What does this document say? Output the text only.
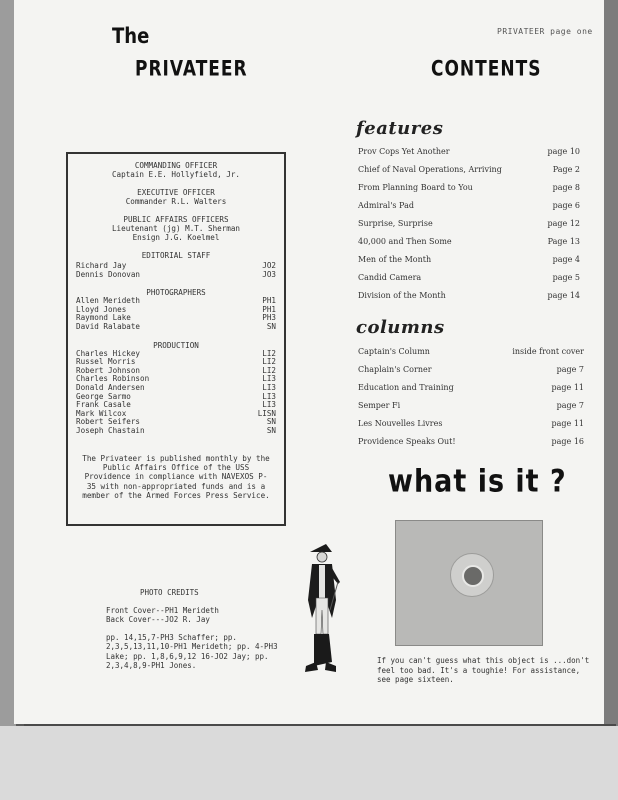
PRIVATEER page one
The
PRIVATEER	CONTENTS
COMMANDING OFFICER
Captain E.E. Hollyfield, Jr.
EXECUTIVE OFFICER
Commander R.L. Walters
PUBLIC AFFAIRS OFFICERS
Lieutenant (jg) M.T. Sherman
Ensign J.G. Koelmel
EDITORIAL STAFF
Richard Jay	JO2
Dennis Donovan	JO3
PHOTOGRAPHERS
Allen Merideth	PH1
Lloyd Jones	PH1
Raymond Lake	PH3
David Ralabate	SN
PRODUCTION
Charles Hickey	LI2
Russel Morris	LI2
Robert Johnson	LI2
Charles Robinson	LI3
Donald Andersen	LI3
George Sarmo	LI3
Frank Casale	LI3
Mark Wilcox	LISN
Robert Seifers	SN
Joseph Chastain	SN
The Privateer is published monthly by the Public Affairs Office of the USS Providence in compliance with NAVEXOS P-35 with non-appropriated funds and is a member of the Armed Forces Press Service.
features
Prov Cops Yet Another	page 10
Chief of Naval Operations, Arriving	Page 2
From Planning Board to You	page 8
Admiral's Pad	page 6
Surprise, Surprise	page 12
40,000 and Then Some	Page 13
Men of the Month	page 4
Candid Camera	page 5
Division of the Month	page 14
columns
Captain's Column	inside front cover
Chaplain's Corner	page 7
Education and Training	page 11
Semper Fi	page 7
Les Nouvelles Livres	page 11
Providence Speaks Out!	page 16
what is it ?
If you can't guess what this object is ...don't feel too bad. It's a toughie! For assistance, see page sixteen.
PHOTO CREDITS
Front Cover--PH1 Merideth
Back Cover---JO2 R. Jay
pp. 14,15,7-PH3 Schaffer; pp. 2,3,5,13,11,10-PH1 Merideth; pp. 4-PH3 Lake; pp. 1,8,6,9,12 16-JO2 Jay; pp. 2,3,4,8,9-PH1 Jones.
